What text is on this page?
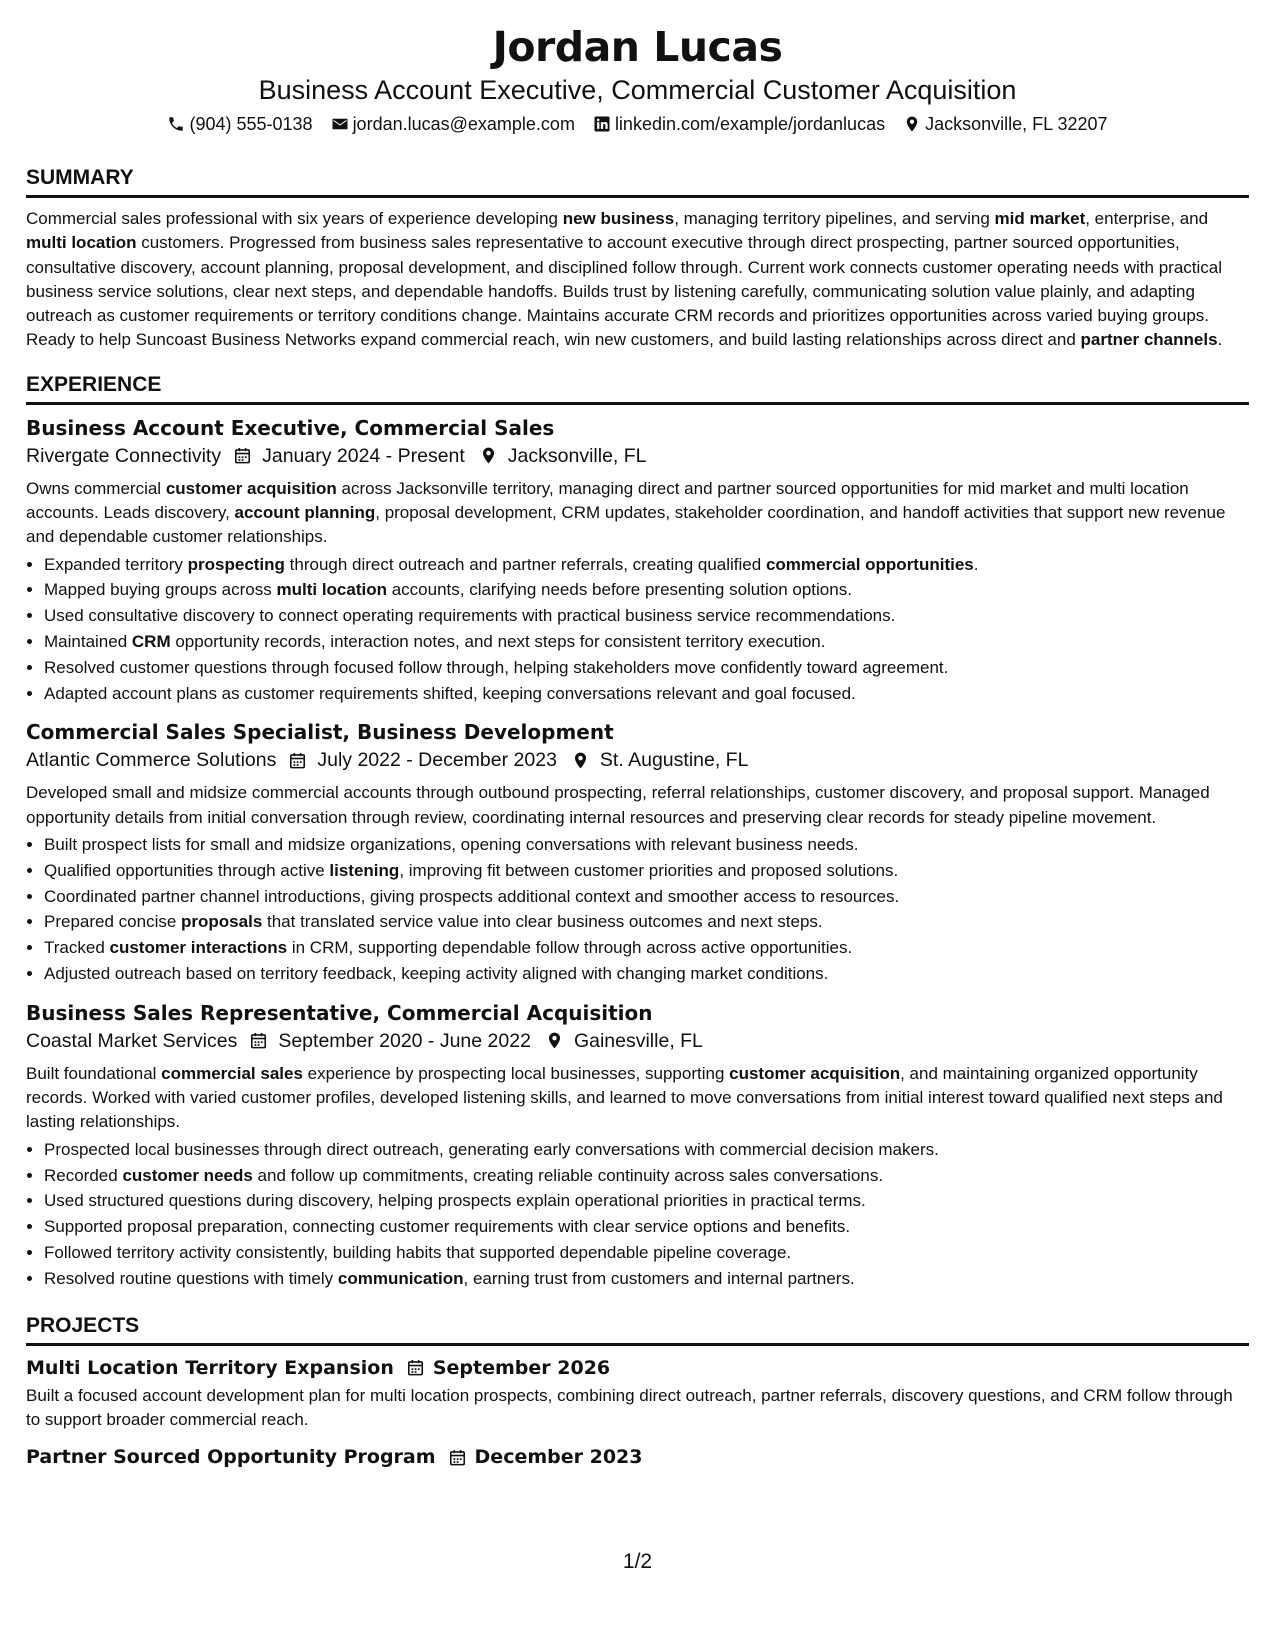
Jordan Lucas
Business Account Executive, Commercial Customer Acquisition
(904) 555-0138 jordan.lucas@example.com linkedin.com/example/jordanlucas Jacksonville, FL 32207
SUMMARY

Commercial sales professional with six years of experience developing new business, managing territory pipelines, and serving mid market, enterprise, and multi location customers. Progressed from business sales representative to account executive through direct prospecting, partner sourced opportunities, consultative discovery, account planning, proposal development, and disciplined follow through. Current work connects customer operating needs with practical business service solutions, clear next steps, and dependable handoffs. Builds trust by listening carefully, communicating solution value plainly, and adapting outreach as customer requirements or territory conditions change. Maintains accurate CRM records and prioritizes opportunities across varied buying groups. Ready to help Suncoast Business Networks expand commercial reach, win new customers, and build lasting relationships across direct and partner channels.

EXPERIENCE
Business Account Executive, Commercial Sales
Rivergate Connectivity January 2024 - Present Jacksonville, FL

Owns commercial customer acquisition across Jacksonville territory, managing direct and partner sourced opportunities for mid market and multi location accounts. Leads discovery, account planning, proposal development, CRM updates, stakeholder coordination, and handoff activities that support new revenue and dependable customer relationships.

• Expanded territory prospecting through direct outreach and partner referrals, creating qualified commercial opportunities.
• Mapped buying groups across multi location accounts, clarifying needs before presenting solution options.
• Used consultative discovery to connect operating requirements with practical business service recommendations.
• Maintained CRM opportunity records, interaction notes, and next steps for consistent territory execution.
• Resolved customer questions through focused follow through, helping stakeholders move confidently toward agreement.
• Adapted account plans as customer requirements shifted, keeping conversations relevant and goal focused.
Commercial Sales Specialist, Business Development
Atlantic Commerce Solutions July 2022 - December 2023 St. Augustine, FL

Developed small and midsize commercial accounts through outbound prospecting, referral relationships, customer discovery, and proposal support. Managed opportunity details from initial conversation through review, coordinating internal resources and preserving clear records for steady pipeline movement.

• Built prospect lists for small and midsize organizations, opening conversations with relevant business needs.
• Qualified opportunities through active listening, improving fit between customer priorities and proposed solutions.
• Coordinated partner channel introductions, giving prospects additional context and smoother access to resources.
• Prepared concise proposals that translated service value into clear business outcomes and next steps.
• Tracked customer interactions in CRM, supporting dependable follow through across active opportunities.
• Adjusted outreach based on territory feedback, keeping activity aligned with changing market conditions.
Business Sales Representative, Commercial Acquisition
Coastal Market Services September 2020 - June 2022 Gainesville, FL

Built foundational commercial sales experience by prospecting local businesses, supporting customer acquisition, and maintaining organized opportunity records. Worked with varied customer profiles, developed listening skills, and learned to move conversations from initial interest toward qualified next steps and lasting relationships.

• Prospected local businesses through direct outreach, generating early conversations with commercial decision makers.
• Recorded customer needs and follow up commitments, creating reliable continuity across sales conversations.
• Used structured questions during discovery, helping prospects explain operational priorities in practical terms.
• Supported proposal preparation, connecting customer requirements with clear service options and benefits.
• Followed territory activity consistently, building habits that supported dependable pipeline coverage.
• Resolved routine questions with timely communication, earning trust from customers and internal partners.
PROJECTS
Multi Location Territory Expansion September 2026

Built a focused account development plan for multi location prospects, combining direct outreach, partner referrals, discovery questions, and CRM follow through to support broader commercial reach.

Partner Sourced Opportunity Program December 2023
1/2
